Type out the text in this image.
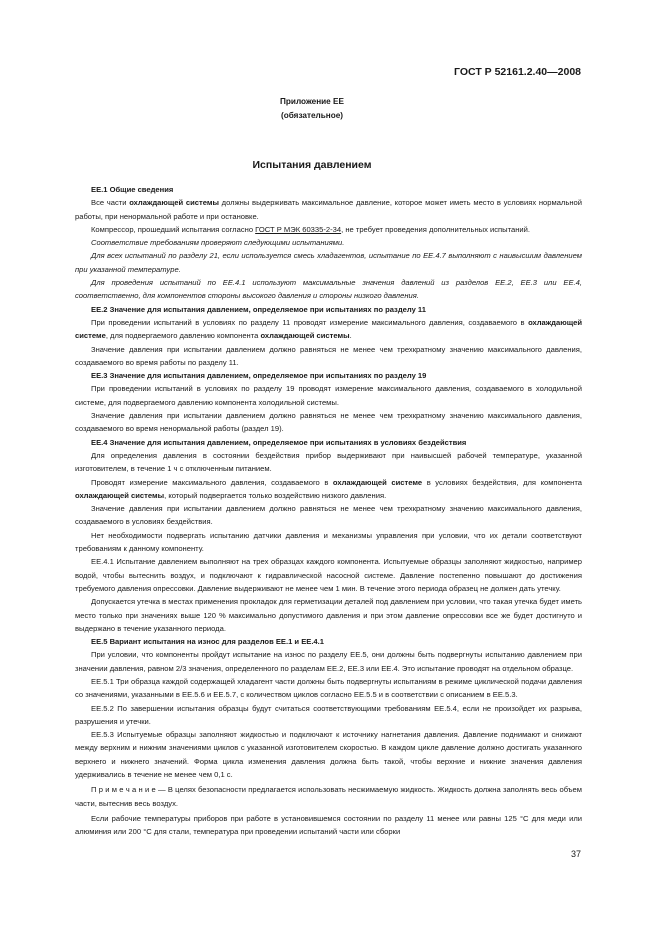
ГОСТ Р 52161.2.40—2008
Приложение ЕЕ
(обязательное)
Испытания давлением

ЕЕ.1 Общие сведения

Все части охлаждающей системы должны выдерживать максимальное давление, которое может иметь место в условиях нормальной работы, при ненормальной работе и при остановке.

Компрессор, прошедший испытания согласно ГОСТ Р МЭК 60335-2-34, не требует проведения дополнительных испытаний.

Соответствие требованиям проверяют следующими испытаниями.

Для всех испытаний по разделу 21, если используется смесь хладагентов, испытание по ЕЕ.4.7 выполняют с наивысшим давлением при указанной температуре.

Для проведения испытаний по ЕЕ.4.1 используют максимальные значения давлений из разделов ЕЕ.2, ЕЕ.3 или ЕЕ.4, соответственно, для компонентов стороны высокого давления и стороны низкого давления.

ЕЕ.2 Значение для испытания давлением, определяемое при испытаниях по разделу 11

При проведении испытаний в условиях по разделу 11 проводят измерение максимального давления, создаваемого в охлаждающей системе, для подвергаемого давлению компонента охлаждающей системы.

Значение давления при испытании давлением должно равняться не менее чем трехкратному значению максимального давления, создаваемого во время работы по разделу 11.

ЕЕ.3 Значение для испытания давлением, определяемое при испытаниях по разделу 19

При проведении испытаний в условиях по разделу 19 проводят измерение максимального давления, создаваемого в холодильной системе, для подвергаемого давлению компонента холодильной системы.

Значение давления при испытании давлением должно равняться не менее чем трехкратному значению максимального давления, создаваемого во время ненормальной работы (раздел 19).

ЕЕ.4 Значение для испытания давлением, определяемое при испытаниях в условиях бездействия

Для определения давления в состоянии бездействия прибор выдерживают при наивысшей рабочей температуре, указанной изготовителем, в течение 1 ч с отключенным питанием.

Проводят измерение максимального давления, создаваемого в охлаждающей системе в условиях бездействия, для компонента охлаждающей системы, который подвергается только воздействию низкого давления.

Значение давления при испытании давлением должно равняться не менее чем трехкратному значению максимального давления, создаваемого в условиях бездействия.

Нет необходимости подвергать испытанию датчики давления и механизмы управления при условии, что их детали соответствуют требованиям к данному компоненту.

ЕЕ.4.1 Испытание давлением выполняют на трех образцах каждого компонента. Испытуемые образцы заполняют жидкостью, например водой, чтобы вытеснить воздух, и подключают к гидравлической насосной системе. Давление постепенно повышают до достижения требуемого давления опрессовки. Давление выдерживают не менее чем 1 мин. В течение этого периода образец не должен дать утечку.

Допускается утечка в местах применения прокладок для герметизации деталей под давлением при условии, что такая утечка будет иметь место только при значениях выше 120 % максимально допустимого давления и при этом давление опрессовки все же будет достигнуто и выдержано в течение указанного периода.

ЕЕ.5 Вариант испытания на износ для разделов ЕЕ.1 и ЕЕ.4.1

При условии, что компоненты пройдут испытание на износ по разделу ЕЕ.5, они должны быть подвергнуты испытанию давлением при значении давления, равном 2/3 значения, определенного по разделам ЕЕ.2, ЕЕ.3 или ЕЕ.4. Это испытание проводят на отдельном образце.

ЕЕ.5.1 Три образца каждой содержащей хладагент части должны быть подвергнуты испытаниям в режиме циклической подачи давления со значениями, указанными в ЕЕ.5.6 и ЕЕ.5.7, с количеством циклов согласно ЕЕ.5.5 и в соответствии с описанием в ЕЕ.5.3.

ЕЕ.5.2 По завершении испытания образцы будут считаться соответствующими требованиям ЕЕ.5.4, если не произойдет их разрыва, разрушения и утечки.

ЕЕ.5.3 Испытуемые образцы заполняют жидкостью и подключают к источнику нагнетания давления. Давление поднимают и снижают между верхним и нижним значениями циклов с указанной изготовителем скоростью. В каждом цикле давление должно достигать указанного верхнего и нижнего значений. Форма цикла изменения давления должна быть такой, чтобы верхние и нижние значения давления удерживались в течение не менее чем 0,1 с.

П р и м е ч а н и е — В целях безопасности предлагается использовать несжимаемую жидкость. Жидкость должна заполнять весь объем части, вытеснив весь воздух.

Если рабочие температуры приборов при работе в установившемся состоянии по разделу 11 менее или равны 125 °С для меди или алюминия или 200 °С для стали, температура при проведении испытаний части или сборки

37
